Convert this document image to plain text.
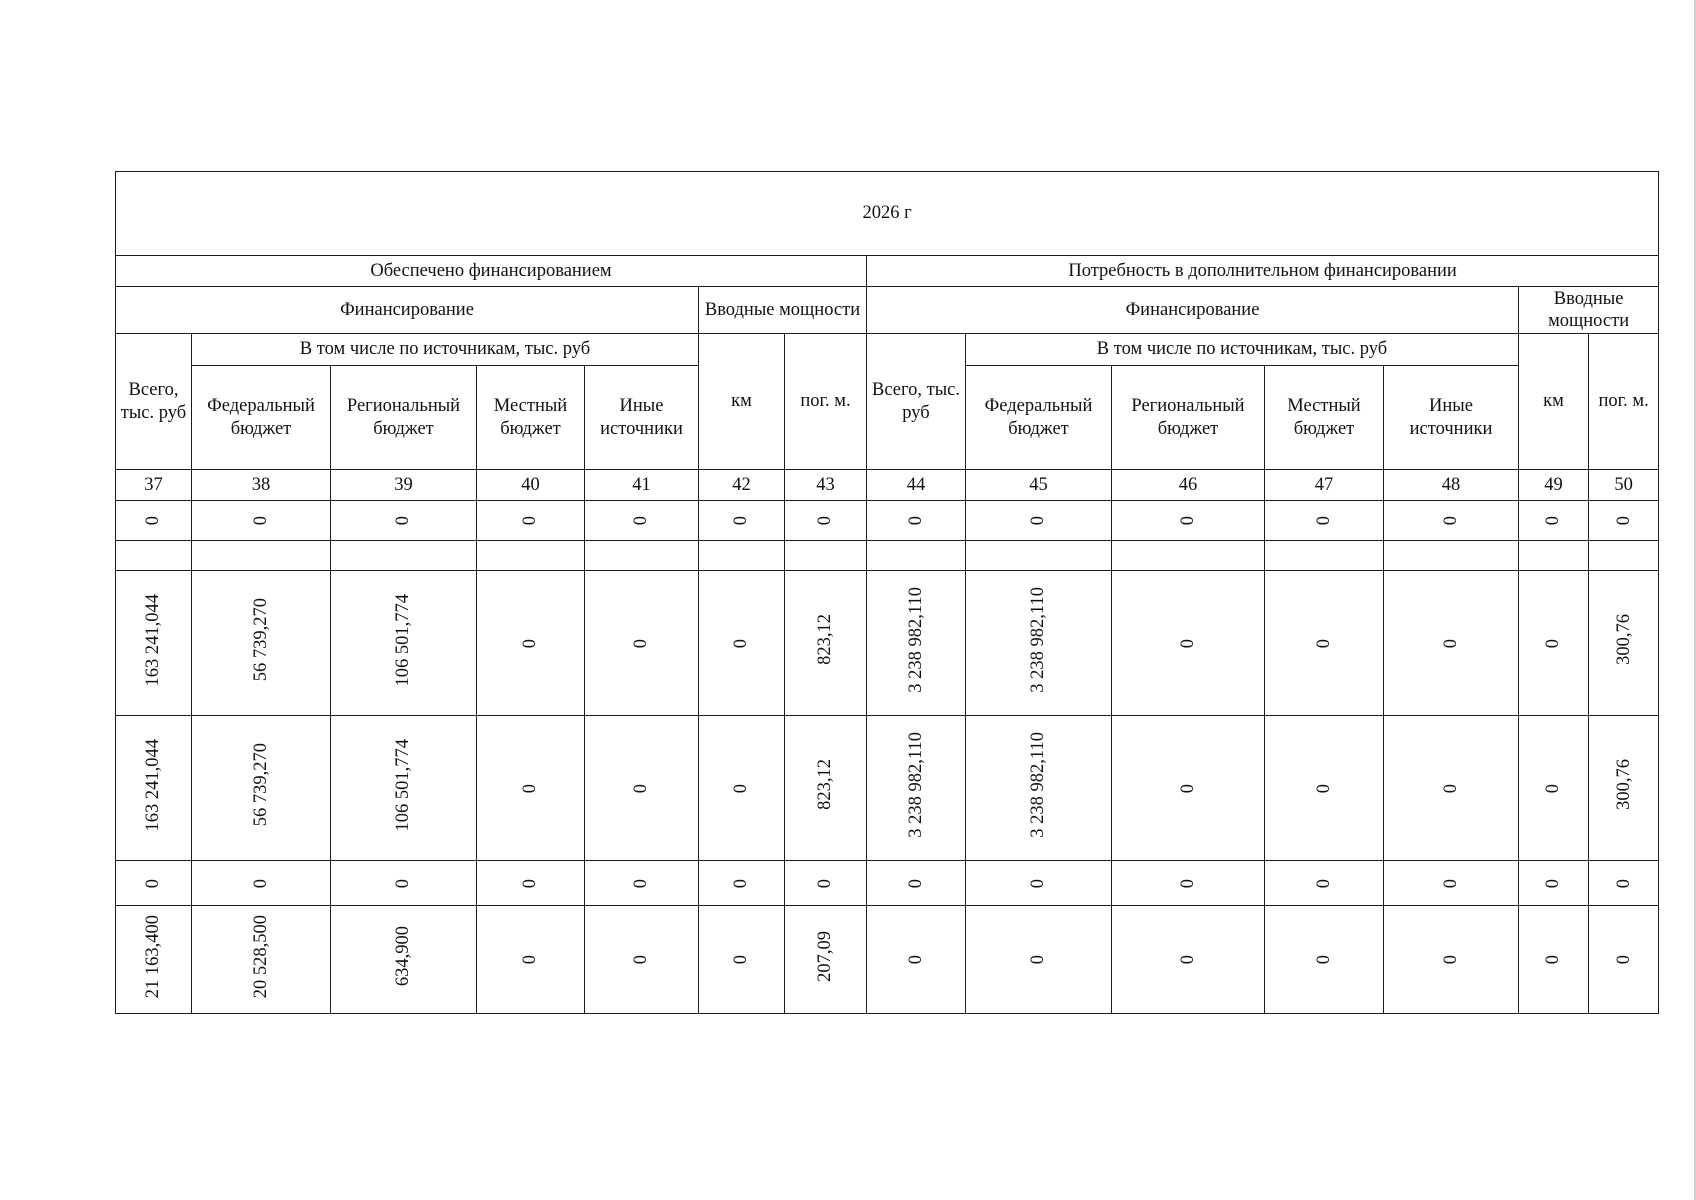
2026 г													
Обеспечено финансированием							Потребность в дополнительном финансировании						
Финансирование					Вводные мощности		Финансирование					Вводные мощности	
Всего, тыс. руб	В том числе по источникам, тыс. руб				км	пог. м.	Всего, тыс. руб	В том числе по источникам, тыс. руб				км	пог. м.
	Федеральный бюджет	Региональный бюджет	Местный бюджет	Иные источники				Федеральный бюджет	Региональный бюджет	Местный бюджет	Иные источники		
37	38	39	40	41	42	43	44	45	46	47	48	49	50
0	0	0	0	0	0	0	0	0	0	0	0	0	0

163 241,044	56 739,270	106 501,774	0	0	0	823,12	3 238 982,110	3 238 982,110	0	0	0	0	300,76
163 241,044	56 739,270	106 501,774	0	0	0	823,12	3 238 982,110	3 238 982,110	0	0	0	0	300,76
0	0	0	0	0	0	0	0	0	0	0	0	0	0
21 163,400	20 528,500	634,900	0	0	0	207,09	0	0	0	0	0	0	0
